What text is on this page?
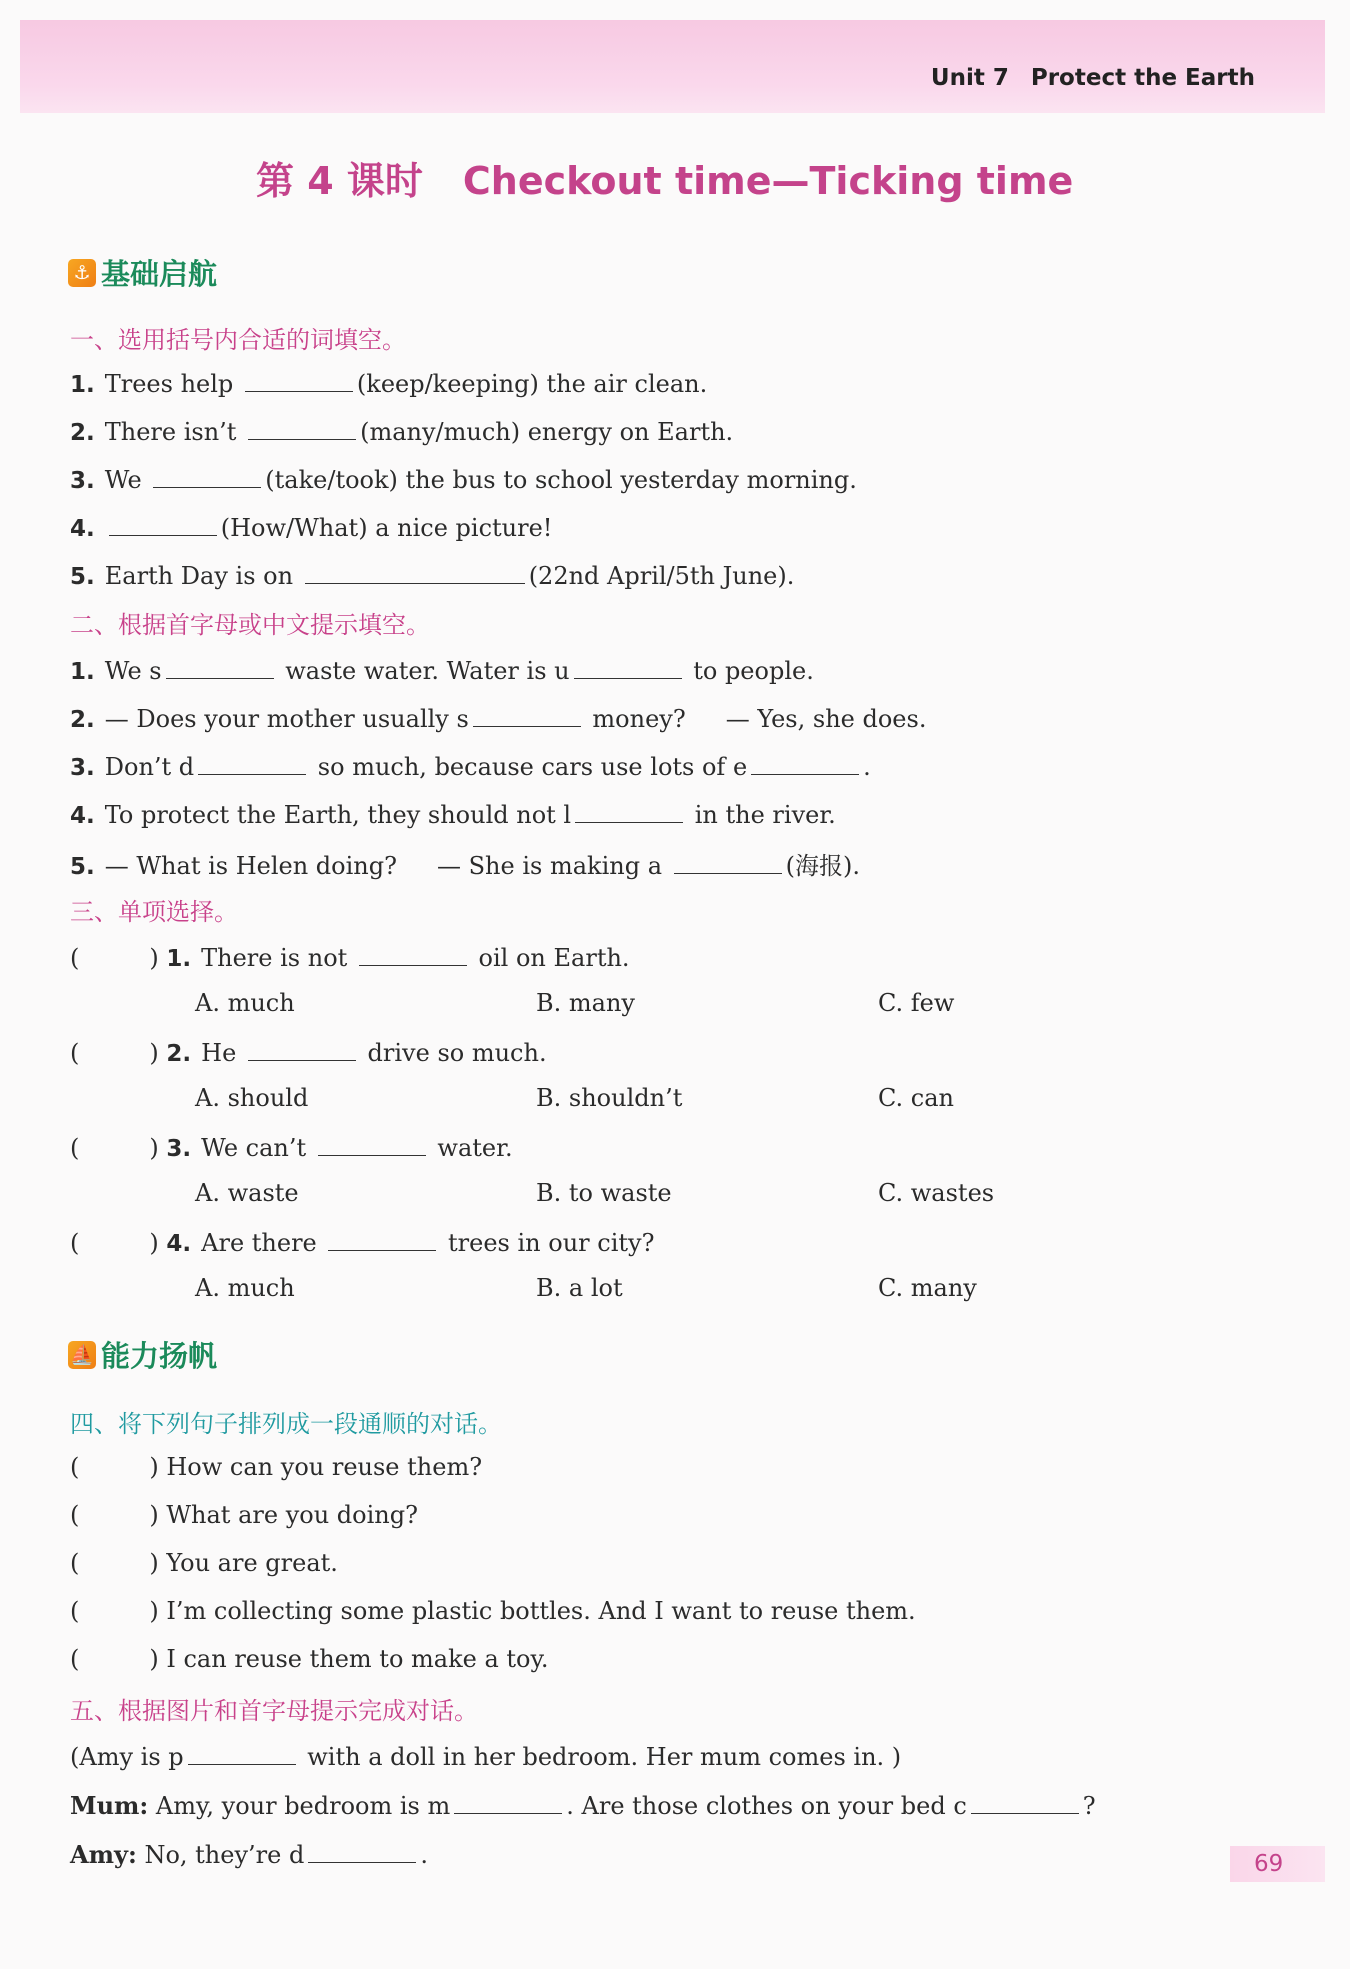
Unit 7 Protect the Earth
第 4 课时 Checkout time—Ticking time
⚓ 基础启航
一、选用括号内合适的词填空。
1. Trees help	(keep/keeping) the air clean.
2. There isn’t	(many/much) energy on Earth.
3. We	(take/took) the bus to school yesterday morning.
4.	(How/What) a nice picture!
5. Earth Day is on	(22nd April/5th June).
二、根据首字母或中文提示填空。
1. We s	waste water. Water is u	to people.
2. — Does your mother usually s	money? — Yes, she does.
3. Don’t d	so much, because cars use lots of e	.
4. To protect the Earth, they should not l	in the river.
5. — What is Helen doing? — She is making a	(海报).
三、单项选择。
(	) 1. There is not	oil on Earth.
A. much	B. many	C. few
(	) 2. He	drive so much.
A. should	B. shouldn’t	C. can
(	) 3. We can’t	water.
A. waste	B. to waste	C. wastes
(	) 4. Are there	trees in our city?
A. much	B. a lot	C. many
⛵ 能力扬帆
四、将下列句子排列成一段通顺的对话。
(	) How can you reuse them?
(	) What are you doing?
(	) You are great.
(	) I’m collecting some plastic bottles. And I want to reuse them.
(	) I can reuse them to make a toy.
五、根据图片和首字母提示完成对话。
(Amy is p	with a doll in her bedroom. Her mum comes in. )
Mum: Amy, your bedroom is m	. Are those clothes on your bed c	?
Amy: No, they’re d	.	69
